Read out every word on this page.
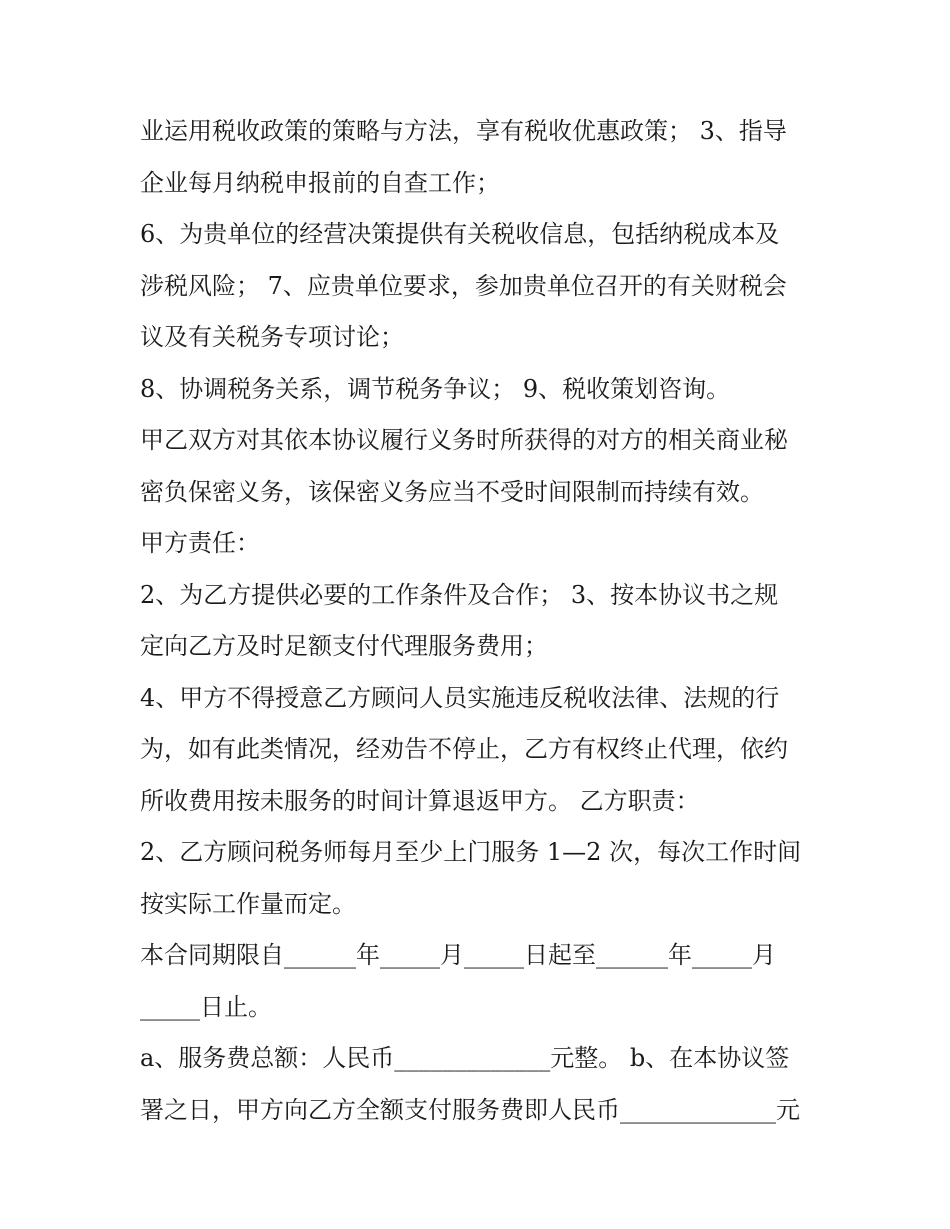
业运用税收政策的策略与方法，享有税收优惠政策； 3、指导
企业每月纳税申报前的自查工作；
6、为贵单位的经营决策提供有关税收信息，包括纳税成本及
涉税风险； 7、应贵单位要求，参加贵单位召开的有关财税会
议及有关税务专项讨论；
8、协调税务关系，调节税务争议； 9、税收策划咨询。
甲乙双方对其依本协议履行义务时所获得的对方的相关商业秘
密负保密义务，该保密义务应当不受时间限制而持续有效。
甲方责任：
2、为乙方提供必要的工作条件及合作； 3、按本协议书之规
定向乙方及时足额支付代理服务费用；
4、甲方不得授意乙方顾问人员实施违反税收法律、法规的行
为，如有此类情况，经劝告不停止，乙方有权终止代理，依约
所收费用按未服务的时间计算退返甲方。 乙方职责：
2、乙方顾问税务师每月至少上门服务 1—2 次，每次工作时间
按实际工作量而定。
本合同期限自______年_____月_____日起至______年_____月
_____日止。
a、服务费总额：人民币_____________元整。 b、在本协议签
署之日，甲方向乙方全额支付服务费即人民币_____________元
